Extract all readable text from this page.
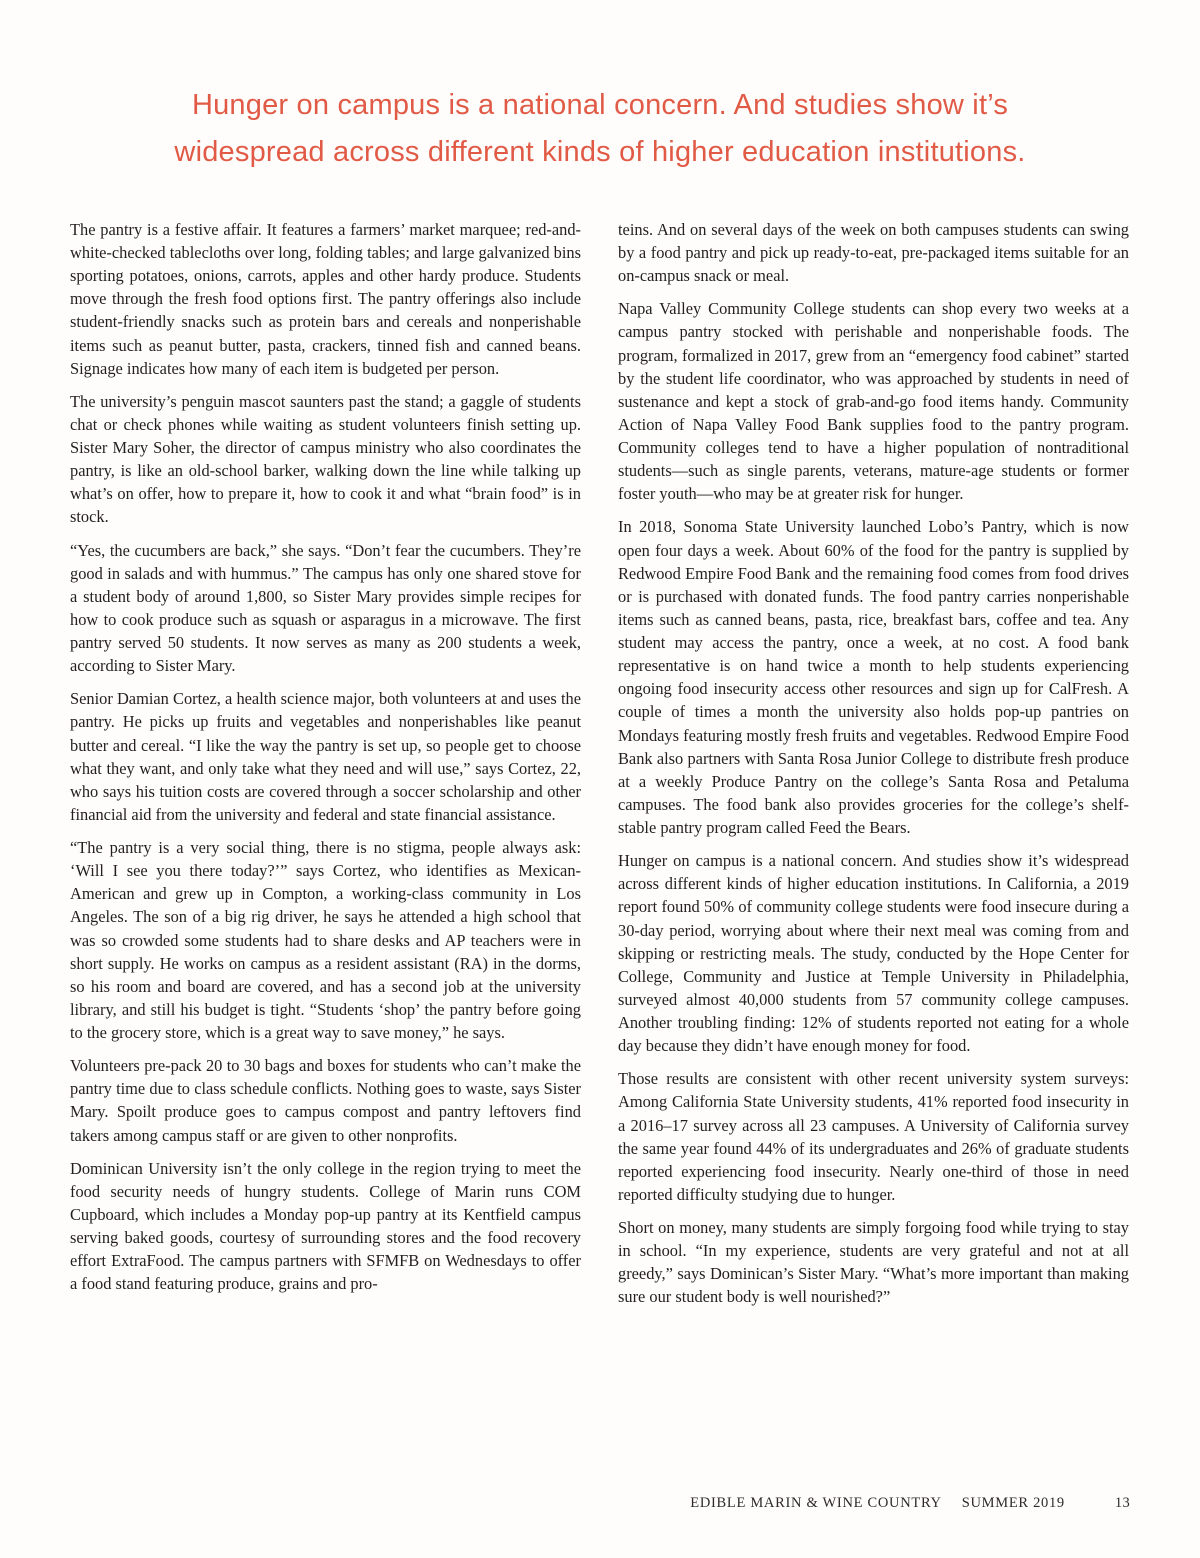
Hunger on campus is a national concern. And studies show it’s
widespread across different kinds of higher education institutions.

The pantry is a festive affair. It features a farmers’ market marquee; red-and-white-checked tablecloths over long, folding tables; and large galvanized bins sporting potatoes, onions, carrots, apples and other hardy produce. Students move through the fresh food options first. The pantry offerings also include student-friendly snacks such as protein bars and cereals and nonperishable items such as peanut butter, pasta, crackers, tinned fish and canned beans. Signage indicates how many of each item is budgeted per person.

The university’s penguin mascot saunters past the stand; a gaggle of students chat or check phones while waiting as student volunteers finish setting up. Sister Mary Soher, the director of campus ministry who also coordinates the pantry, is like an old-school barker, walking down the line while talking up what’s on offer, how to prepare it, how to cook it and what “brain food” is in stock.

“Yes, the cucumbers are back,” she says. “Don’t fear the cucumbers. They’re good in salads and with hummus.” The campus has only one shared stove for a student body of around 1,800, so Sister Mary provides simple recipes for how to cook produce such as squash or asparagus in a microwave. The first pantry served 50 students. It now serves as many as 200 students a week, according to Sister Mary.

Senior Damian Cortez, a health science major, both volunteers at and uses the pantry. He picks up fruits and vegetables and nonperishables like peanut butter and cereal. “I like the way the pantry is set up, so people get to choose what they want, and only take what they need and will use,” says Cortez, 22, who says his tuition costs are covered through a soccer scholarship and other financial aid from the university and federal and state financial assistance.

“The pantry is a very social thing, there is no stigma, people always ask: ‘Will I see you there today?’” says Cortez, who identifies as Mexican-American and grew up in Compton, a working-class community in Los Angeles. The son of a big rig driver, he says he attended a high school that was so crowded some students had to share desks and AP teachers were in short supply. He works on campus as a resident assistant (RA) in the dorms, so his room and board are covered, and has a second job at the university library, and still his budget is tight. “Students ‘shop’ the pantry before going to the grocery store, which is a great way to save money,” he says.

Volunteers pre-pack 20 to 30 bags and boxes for students who can’t make the pantry time due to class schedule conflicts. Nothing goes to waste, says Sister Mary. Spoilt produce goes to campus compost and pantry leftovers find takers among campus staff or are given to other nonprofits.

Dominican University isn’t the only college in the region trying to meet the food security needs of hungry students. College of Marin runs COM Cupboard, which includes a Monday pop-up pantry at its Kentfield campus serving baked goods, courtesy of surrounding stores and the food recovery effort ExtraFood. The campus partners with SFMFB on Wednesdays to offer a food stand featuring produce, grains and pro-

teins. And on several days of the week on both campuses students can swing by a food pantry and pick up ready-to-eat, pre-packaged items suitable for an on-campus snack or meal.

Napa Valley Community College students can shop every two weeks at a campus pantry stocked with perishable and nonperishable foods. The program, formalized in 2017, grew from an “emergency food cabinet” started by the student life coordinator, who was approached by students in need of sustenance and kept a stock of grab-and-go food items handy. Community Action of Napa Valley Food Bank supplies food to the pantry program. Community colleges tend to have a higher population of nontraditional students—such as single parents, veterans, mature-age students or former foster youth—who may be at greater risk for hunger.

In 2018, Sonoma State University launched Lobo’s Pantry, which is now open four days a week. About 60% of the food for the pantry is supplied by Redwood Empire Food Bank and the remaining food comes from food drives or is purchased with donated funds. The food pantry carries nonperishable items such as canned beans, pasta, rice, breakfast bars, coffee and tea. Any student may access the pantry, once a week, at no cost. A food bank representative is on hand twice a month to help students experiencing ongoing food insecurity access other resources and sign up for CalFresh. A couple of times a month the university also holds pop-up pantries on Mondays featuring mostly fresh fruits and vegetables. Redwood Empire Food Bank also partners with Santa Rosa Junior College to distribute fresh produce at a weekly Produce Pantry on the college’s Santa Rosa and Petaluma campuses. The food bank also provides groceries for the college’s shelf-stable pantry program called Feed the Bears.

Hunger on campus is a national concern. And studies show it’s widespread across different kinds of higher education institutions. In California, a 2019 report found 50% of community college students were food insecure during a 30-day period, worrying about where their next meal was coming from and skipping or restricting meals. The study, conducted by the Hope Center for College, Community and Justice at Temple University in Philadelphia, surveyed almost 40,000 students from 57 community college campuses. Another troubling finding: 12% of students reported not eating for a whole day because they didn’t have enough money for food.

Those results are consistent with other recent university system surveys: Among California State University students, 41% reported food insecurity in a 2016–17 survey across all 23 campuses. A University of California survey the same year found 44% of its undergraduates and 26% of graduate students reported experiencing food insecurity. Nearly one-third of those in need reported difficulty studying due to hunger.

Short on money, many students are simply forgoing food while trying to stay in school. “In my experience, students are very grateful and not at all greedy,” says Dominican’s Sister Mary. “What’s more important than making sure our student body is well nourished?”

EDIBLE MARIN & WINE COUNTRY SUMMER 2019	13
